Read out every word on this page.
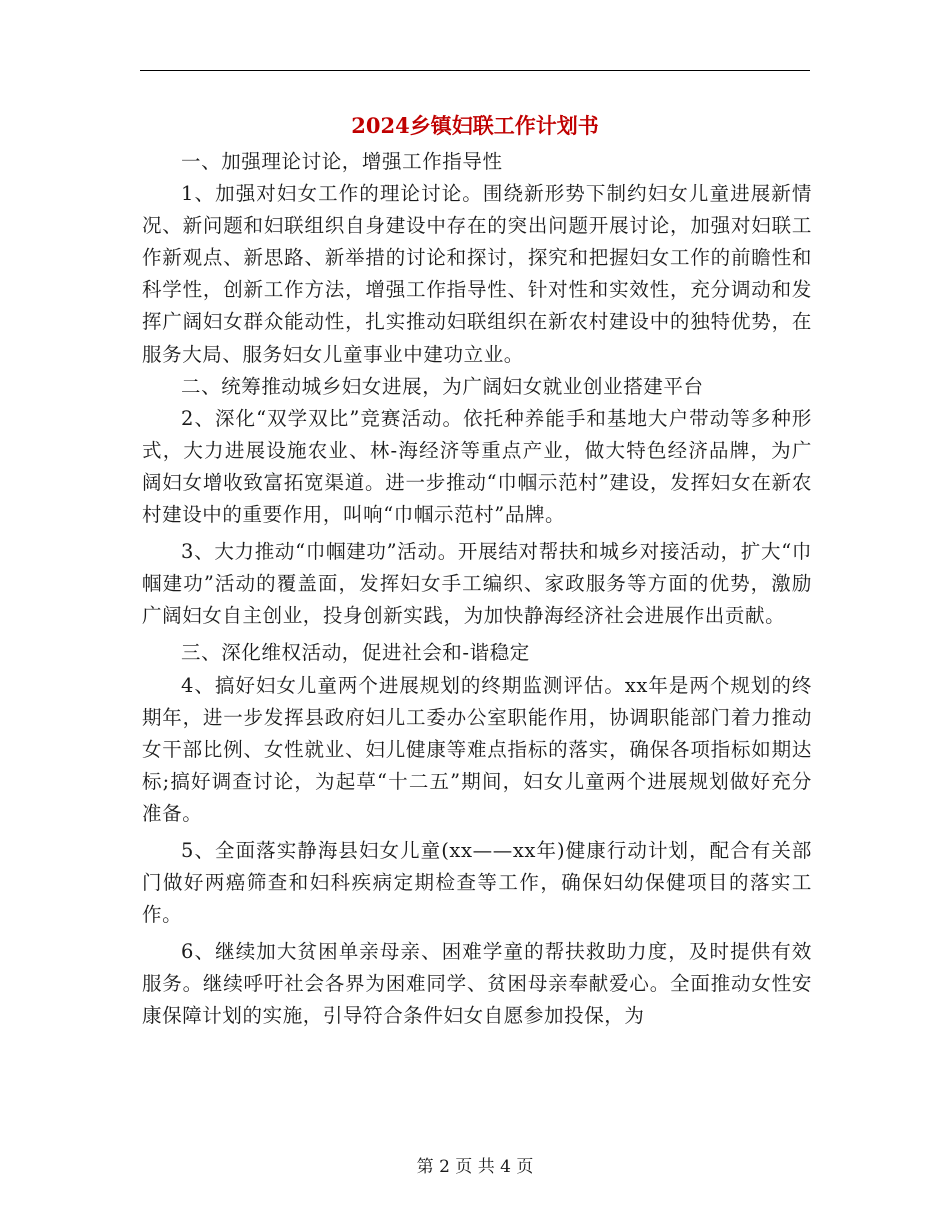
2024乡镇妇联工作计划书

一、加强理论讨论，增强工作指导性

1、加强对妇女工作的理论讨论。围绕新形势下制约妇女儿童进展新情况、新问题和妇联组织自身建设中存在的突出问题开展讨论，加强对妇联工作新观点、新思路、新举措的讨论和探讨，探究和把握妇女工作的前瞻性和科学性，创新工作方法，增强工作指导性、针对性和实效性，充分调动和发挥广阔妇女群众能动性，扎实推动妇联组织在新农村建设中的独特优势，在服务大局、服务妇女儿童事业中建功立业。

二、统筹推动城乡妇女进展，为广阔妇女就业创业搭建平台

2、深化“双学双比”竞赛活动。依托种养能手和基地大户带动等多种形式，大力进展设施农业、林-海经济等重点产业，做大特色经济品牌，为广阔妇女增收致富拓宽渠道。进一步推动“巾帼示范村”建设，发挥妇女在新农村建设中的重要作用，叫响“巾帼示范村”品牌。

3、大力推动“巾帼建功”活动。开展结对帮扶和城乡对接活动，扩大“巾帼建功”活动的覆盖面，发挥妇女手工编织、家政服务等方面的优势，激励广阔妇女自主创业，投身创新实践，为加快静海经济社会进展作出贡献。

三、深化维权活动，促进社会和-谐稳定

4、搞好妇女儿童两个进展规划的终期监测评估。xx年是两个规划的终期年，进一步发挥县政府妇儿工委办公室职能作用，协调职能部门着力推动女干部比例、女性就业、妇儿健康等难点指标的落实，确保各项指标如期达标;搞好调查讨论，为起草“十二五”期间，妇女儿童两个进展规划做好充分准备。

5、全面落实静海县妇女儿童(xx——xx年)健康行动计划，配合有关部门做好两癌筛查和妇科疾病定期检查等工作，确保妇幼保健项目的落实工作。

6、继续加大贫困单亲母亲、困难学童的帮扶救助力度，及时提供有效服务。继续呼吁社会各界为困难同学、贫困母亲奉献爱心。全面推动女性安康保障计划的实施，引导符合条件妇女自愿参加投保，为

第 2 页 共 4 页
